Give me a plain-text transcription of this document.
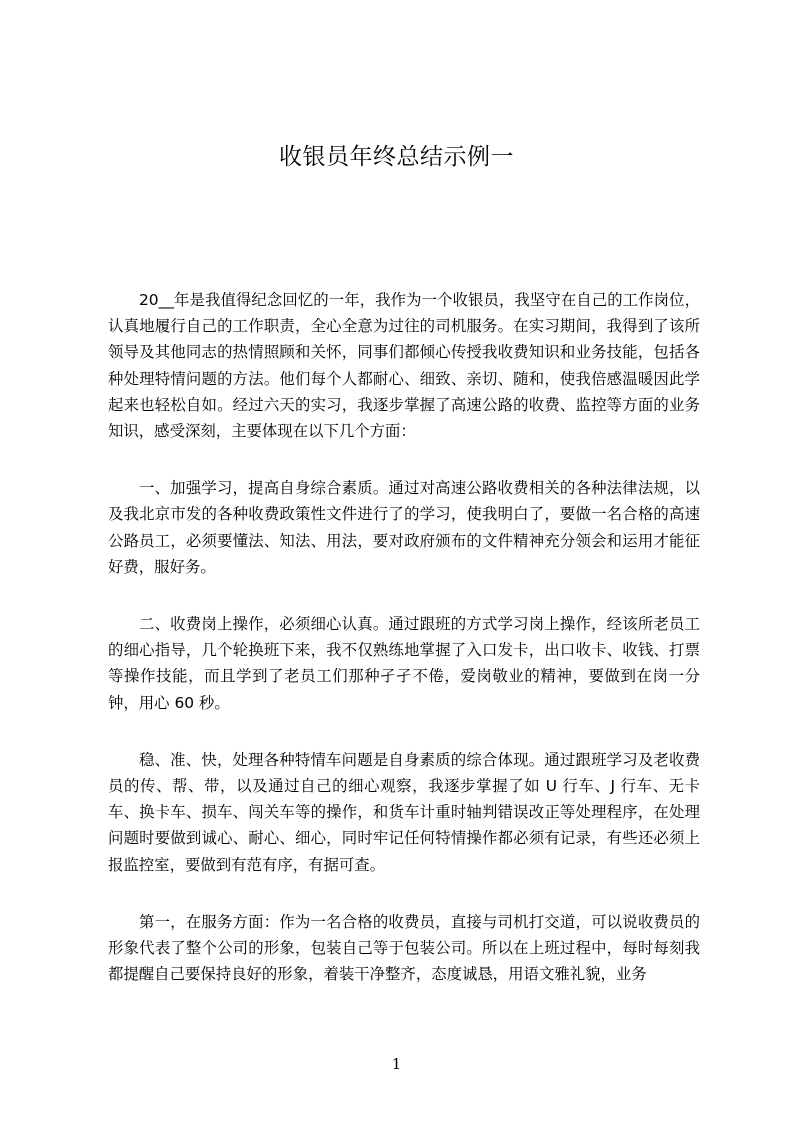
收银员年终总结示例一

20__年是我值得纪念回忆的一年，我作为一个收银员，我坚守在自己的工作岗位，认真地履行自己的工作职责，全心全意为过往的司机服务。在实习期间，我得到了该所领导及其他同志的热情照顾和关怀，同事们都倾心传授我收费知识和业务技能，包括各种处理特情问题的方法。他们每个人都耐心、细致、亲切、随和，使我倍感温暖因此学起来也轻松自如。经过六天的实习，我逐步掌握了高速公路的收费、监控等方面的业务知识，感受深刻，主要体现在以下几个方面：

一、加强学习，提高自身综合素质。通过对高速公路收费相关的各种法律法规，以及我北京市发的各种收费政策性文件进行了的学习，使我明白了，要做一名合格的高速公路员工，必须要懂法、知法、用法，要对政府颁布的文件精神充分领会和运用才能征好费，服好务。

二、收费岗上操作，必须细心认真。通过跟班的方式学习岗上操作，经该所老员工的细心指导，几个轮换班下来，我不仅熟练地掌握了入口发卡，出口收卡、收钱、打票等操作技能，而且学到了老员工们那种孑孑不倦，爱岗敬业的精神，要做到在岗一分钟，用心 60 秒。

稳、准、快，处理各种特情车问题是自身素质的综合体现。通过跟班学习及老收费员的传、帮、带，以及通过自己的细心观察，我逐步掌握了如 U 行车、J 行车、无卡车、换卡车、损车、闯关车等的操作，和货车计重时轴判错误改正等处理程序，在处理问题时要做到诚心、耐心、细心，同时牢记任何特情操作都必须有记录，有些还必须上报监控室，要做到有范有序，有据可查。

第一，在服务方面：作为一名合格的收费员，直接与司机打交道，可以说收费员的形象代表了整个公司的形象，包装自己等于包装公司。所以在上班过程中，每时每刻我都提醒自己要保持良好的形象，着装干净整齐，态度诚恳，用语文雅礼貌，业务

1
